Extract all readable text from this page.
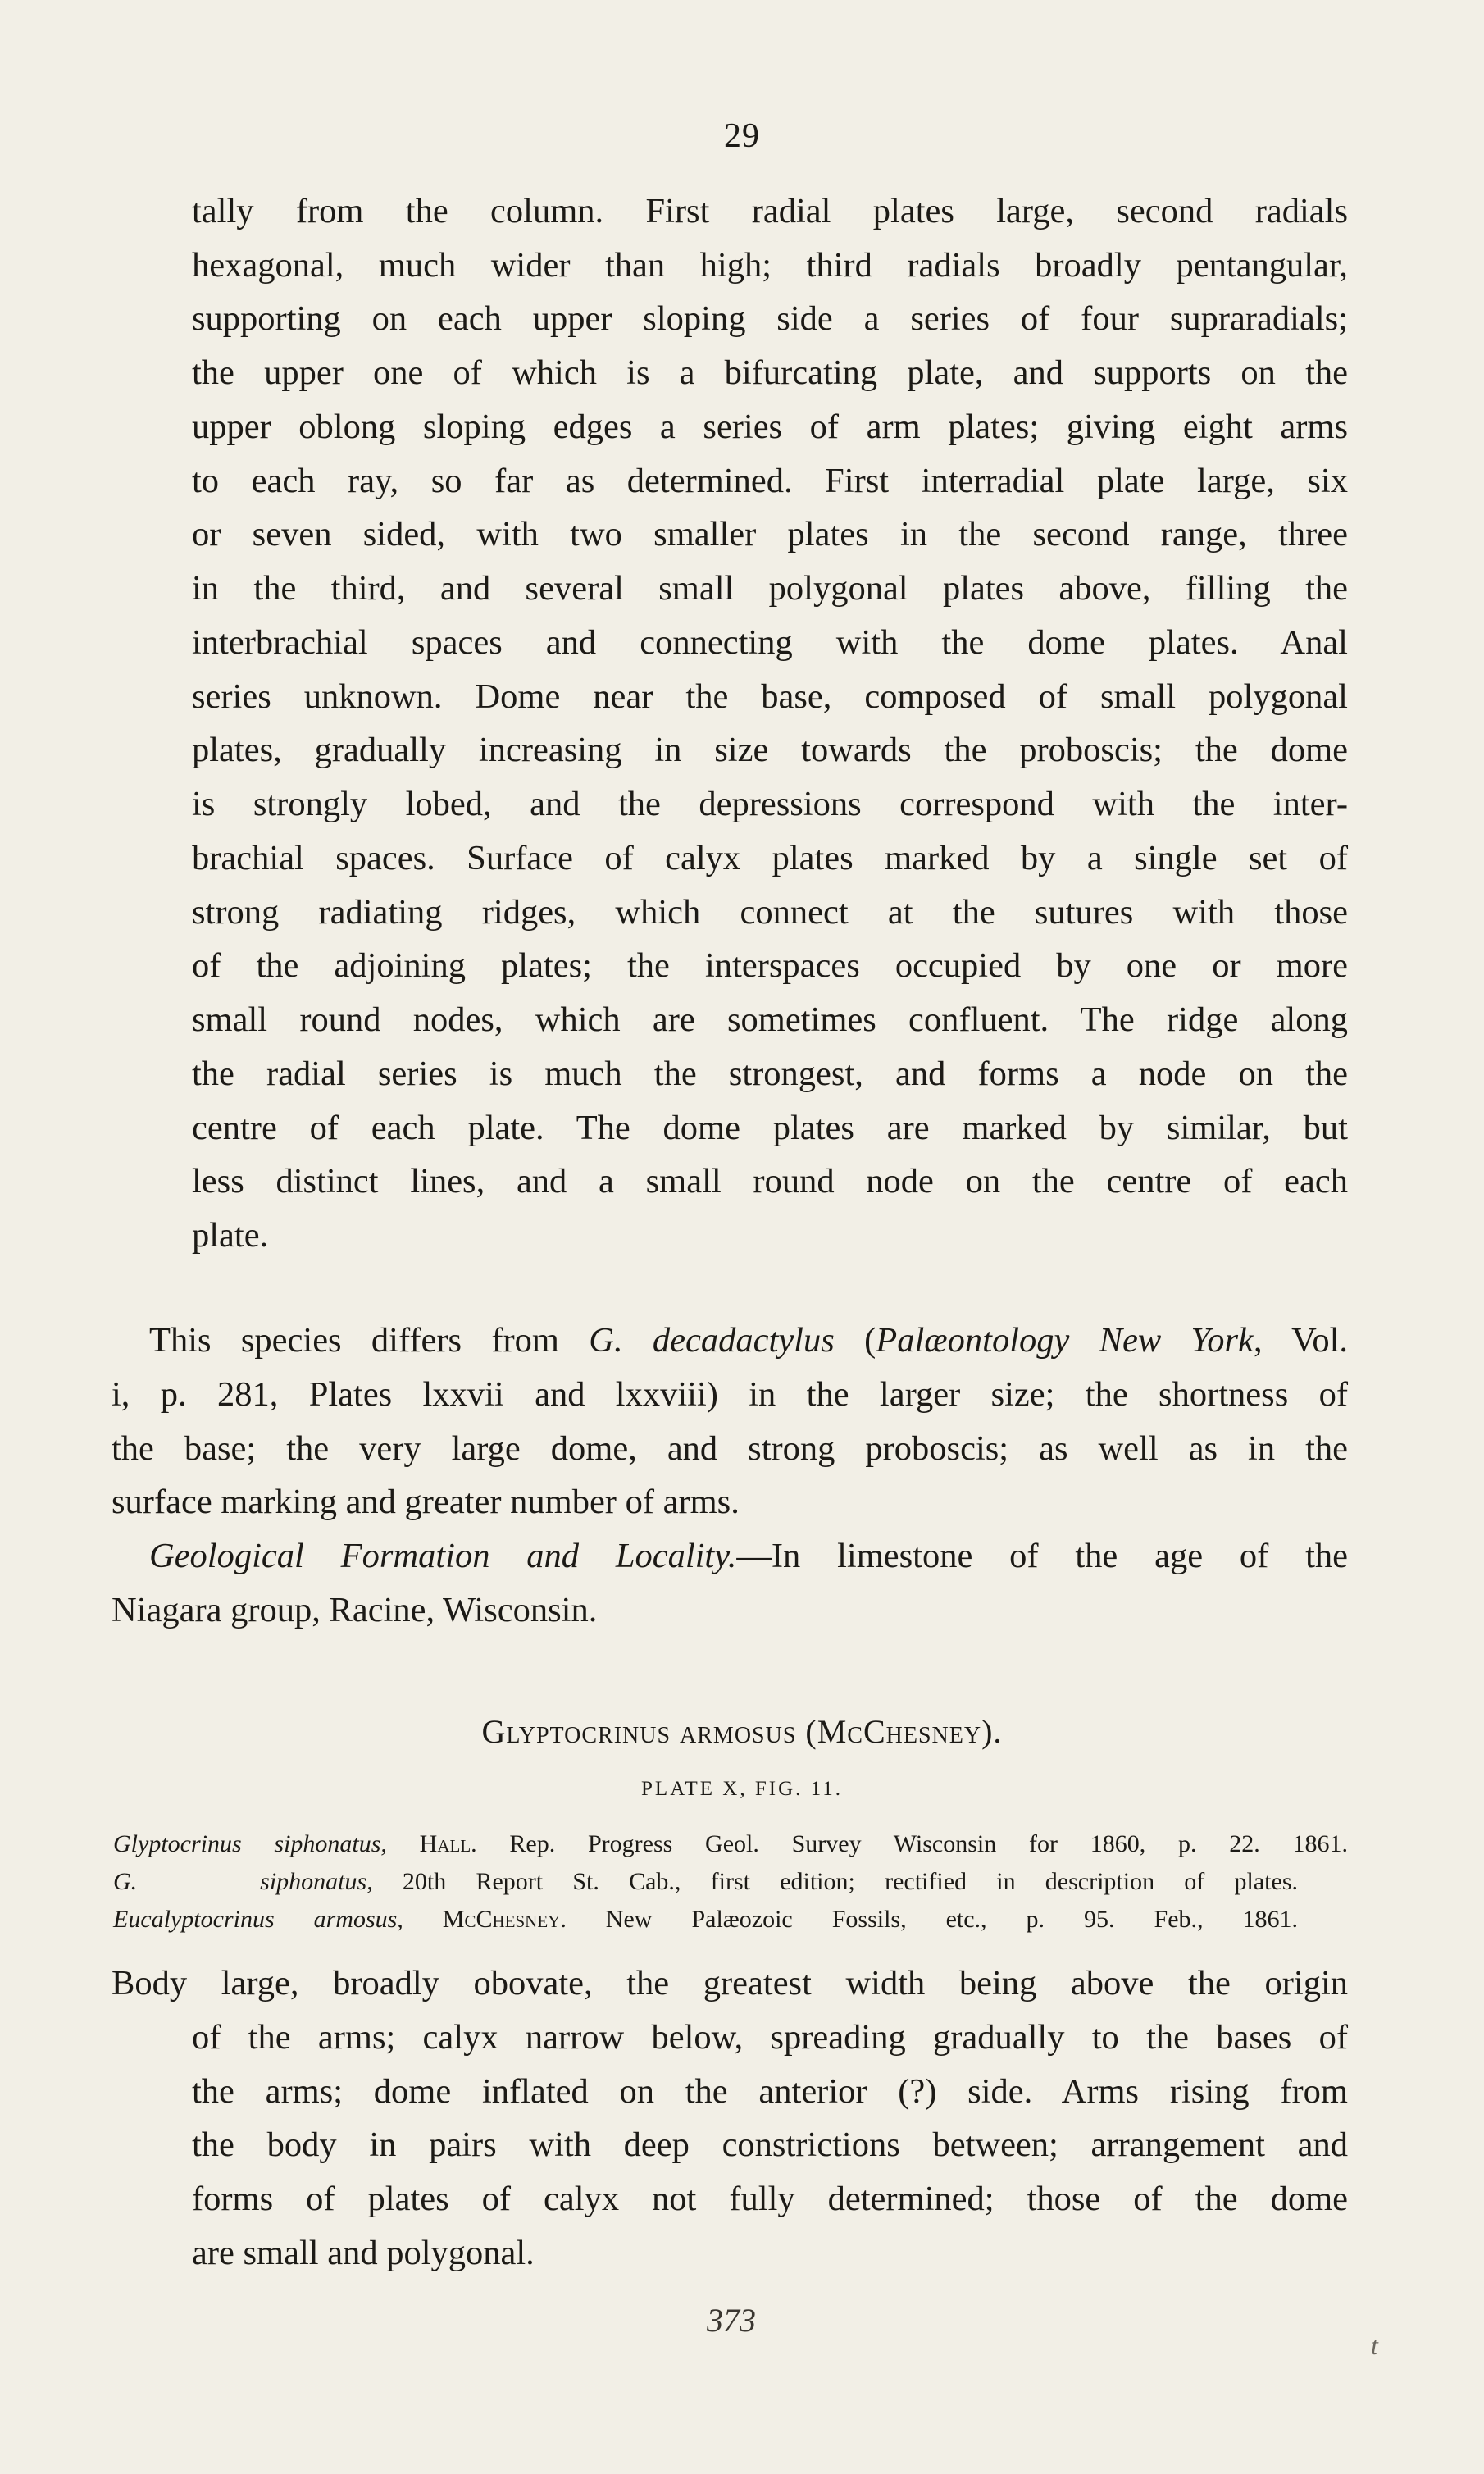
29
tally from the column. First radial plates large, second radials
hexagonal, much wider than high; third radials broadly pentangular,
supporting on each upper sloping side a series of four supraradials;
the upper one of which is a bifurcating plate, and supports on the
upper oblong sloping edges a series of arm plates; giving eight arms
to each ray, so far as determined. First interradial plate large, six
or seven sided, with two smaller plates in the second range, three
in the third, and several small polygonal plates above, filling the
interbrachial spaces and connecting with the dome plates. Anal
series unknown. Dome near the base, composed of small polygonal
plates, gradually increasing in size towards the proboscis; the dome
is strongly lobed, and the depressions correspond with the inter-
brachial spaces. Surface of calyx plates marked by a single set of
strong radiating ridges, which connect at the sutures with those
of the adjoining plates; the interspaces occupied by one or more
small round nodes, which are sometimes confluent. The ridge along
the radial series is much the strongest, and forms a node on the
centre of each plate. The dome plates are marked by similar, but
less distinct lines, and a small round node on the centre of each
plate.
This species differs from G. decadactylus (Palæontology New York, Vol.
i, p. 281, Plates lxxvii and lxxviii) in the larger size; the shortness of
the base; the very large dome, and strong proboscis; as well as in the
surface marking and greater number of arms.
Geological Formation and Locality.—In limestone of the age of the
Niagara group, Racine, Wisconsin.
Glyptocrinus armosus (McChesney).
PLATE X, FIG. 11.
Glyptocrinus siphonatus, Hall. Rep. Progress Geol. Survey Wisconsin for 1860, p. 22. 1861.
G.	siphonatus, 20th Report St. Cab., first edition; rectified in description of plates.
Eucalyptocrinus armosus, McChesney. New Palæozoic Fossils, etc., p. 95. Feb., 1861.
Body large, broadly obovate, the greatest width being above the origin
of the arms; calyx narrow below, spreading gradually to the bases of
the arms; dome inflated on the anterior (?) side. Arms rising from
the body in pairs with deep constrictions between; arrangement and
forms of plates of calyx not fully determined; those of the dome
are small and polygonal.
373
t
